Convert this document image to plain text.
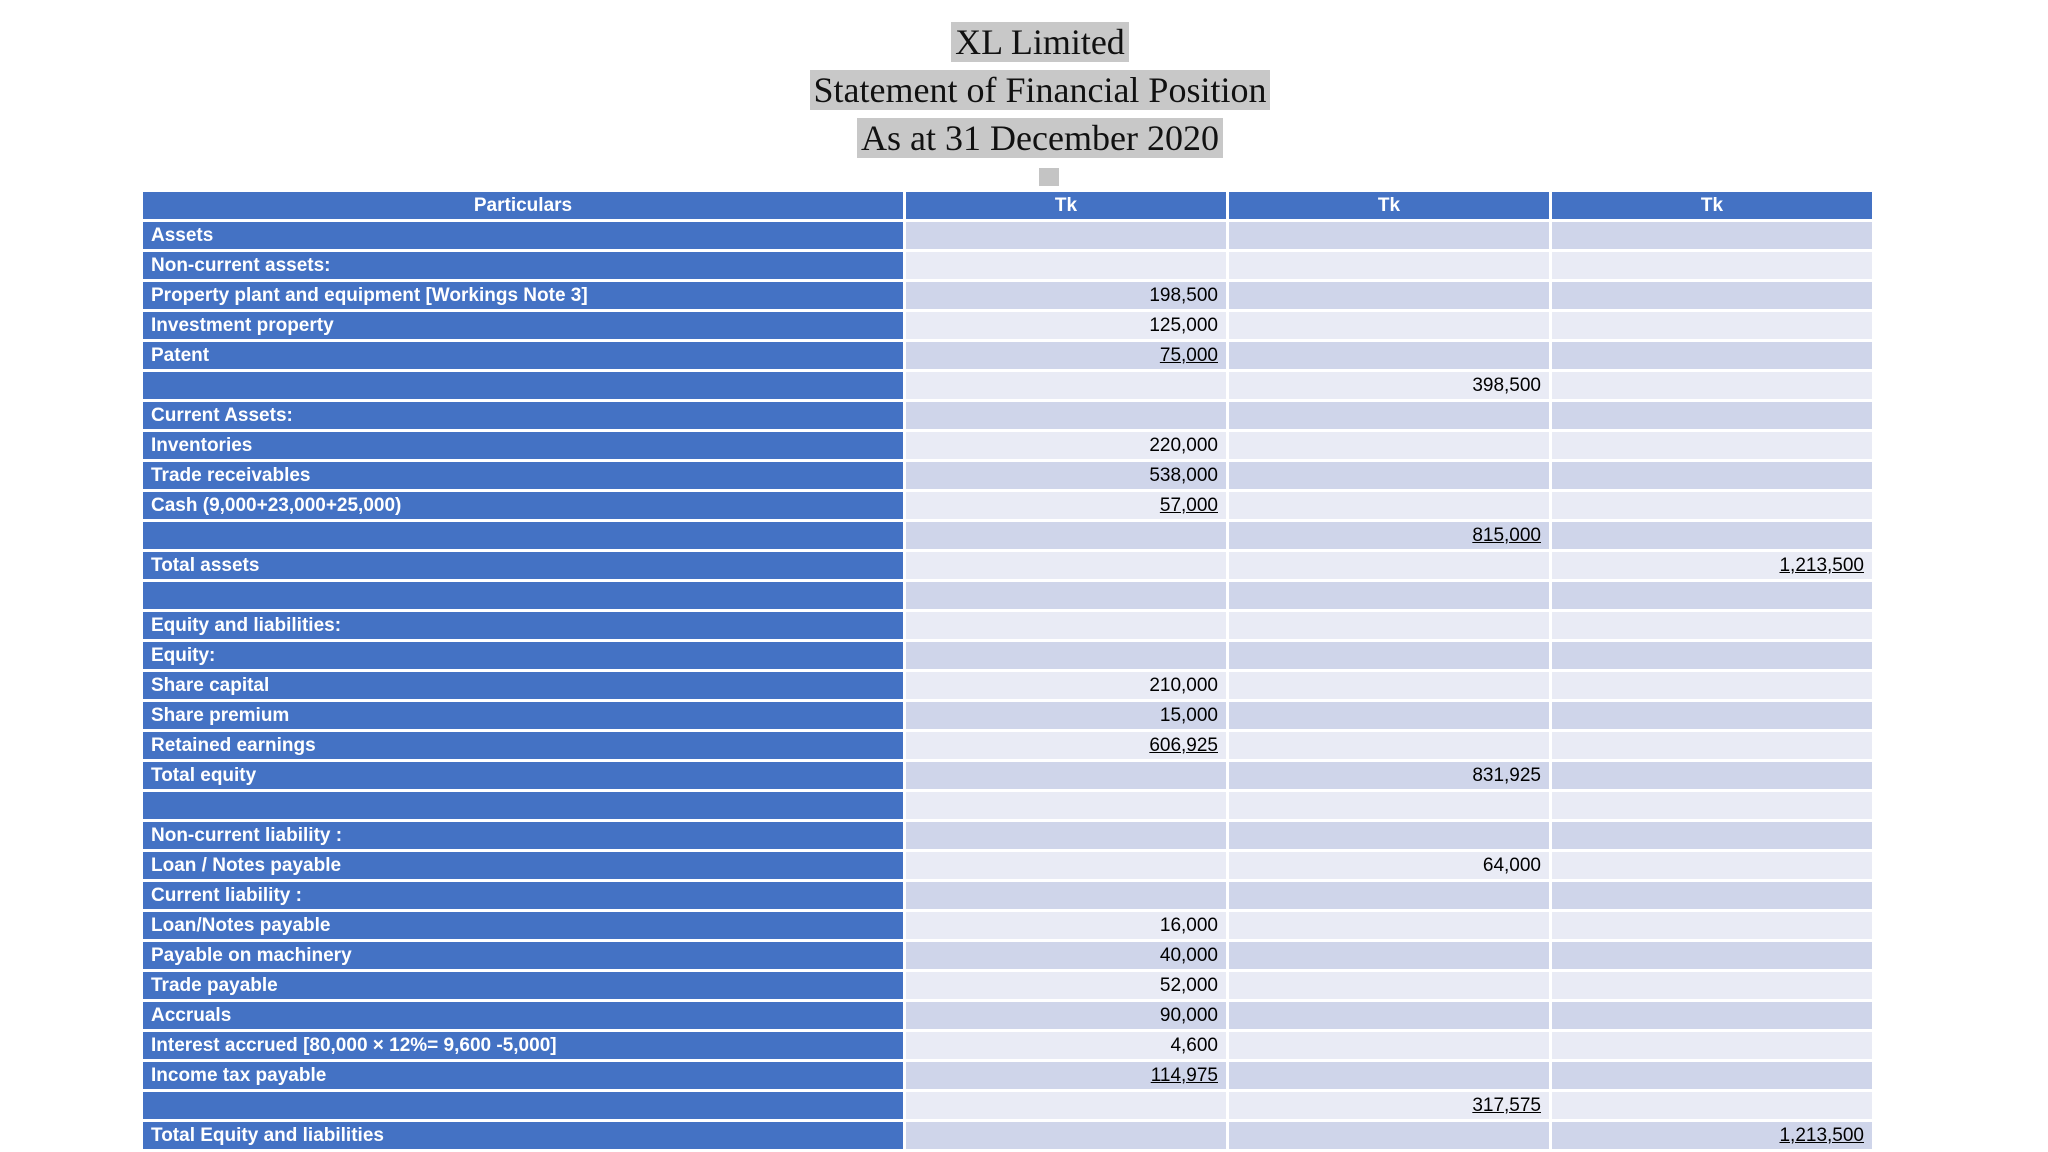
XL Limited
Statement of Financial Position
As at 31 December 2020
Particulars	Tk	Tk	Tk
Assets			
Non-current assets:			
Property plant and equipment [Workings Note 3]	198,500		
Investment property	125,000		
Patent	75,000		
		398,500	
Current Assets:			
Inventories	220,000		
Trade receivables	538,000		
Cash (9,000+23,000+25,000)	57,000		
		815,000	
Total assets			1,213,500

Equity and liabilities:			
Equity:			
Share capital	210,000		
Share premium	15,000		
Retained earnings	606,925		
Total equity		831,925	

Non-current liability :			
Loan / Notes payable		64,000	
Current liability :			
Loan/Notes payable	16,000		
Payable on machinery	40,000		
Trade payable	52,000		
Accruals	90,000		
Interest accrued [80,000 × 12%= 9,600 -5,000]	4,600		
Income tax payable	114,975		
		317,575	
Total Equity and liabilities			1,213,500
